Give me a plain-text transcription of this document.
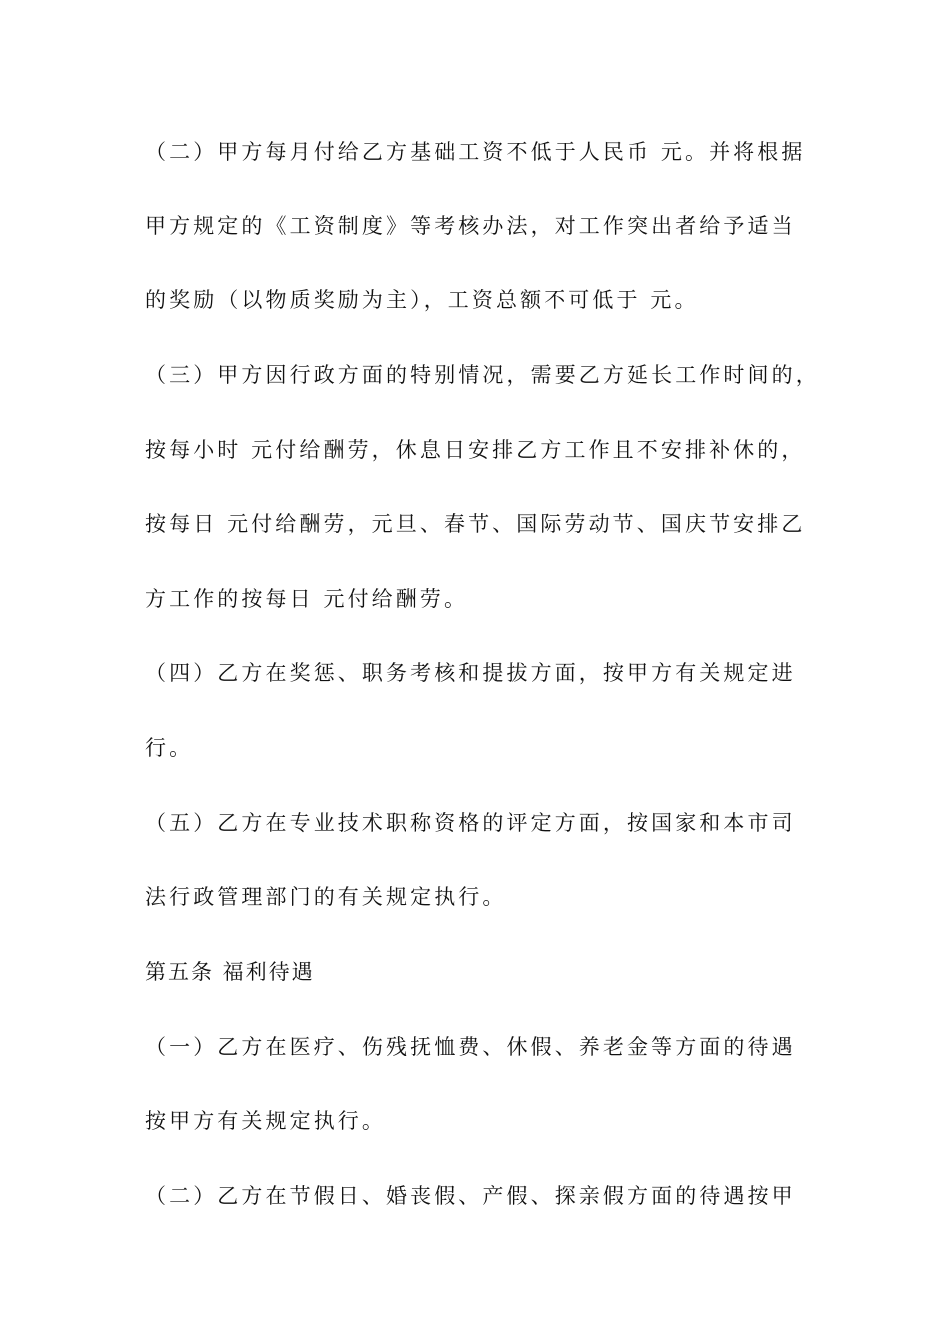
（二）甲方每月付给乙方基础工资不低于人民币 元。并将根据
甲方规定的《工资制度》等考核办法，对工作突出者给予适当
的奖励（以物质奖励为主），工资总额不可低于 元。
（三）甲方因行政方面的特别情况，需要乙方延长工作时间的，
按每小时 元付给酬劳，休息日安排乙方工作且不安排补休的，
按每日 元付给酬劳，元旦、春节、国际劳动节、国庆节安排乙
方工作的按每日 元付给酬劳。
（四）乙方在奖惩、职务考核和提拔方面，按甲方有关规定进
行。
（五）乙方在专业技术职称资格的评定方面，按国家和本市司
法行政管理部门的有关规定执行。
第五条 福利待遇
（一）乙方在医疗、伤残抚恤费、休假、养老金等方面的待遇
按甲方有关规定执行。
（二）乙方在节假日、婚丧假、产假、探亲假方面的待遇按甲
